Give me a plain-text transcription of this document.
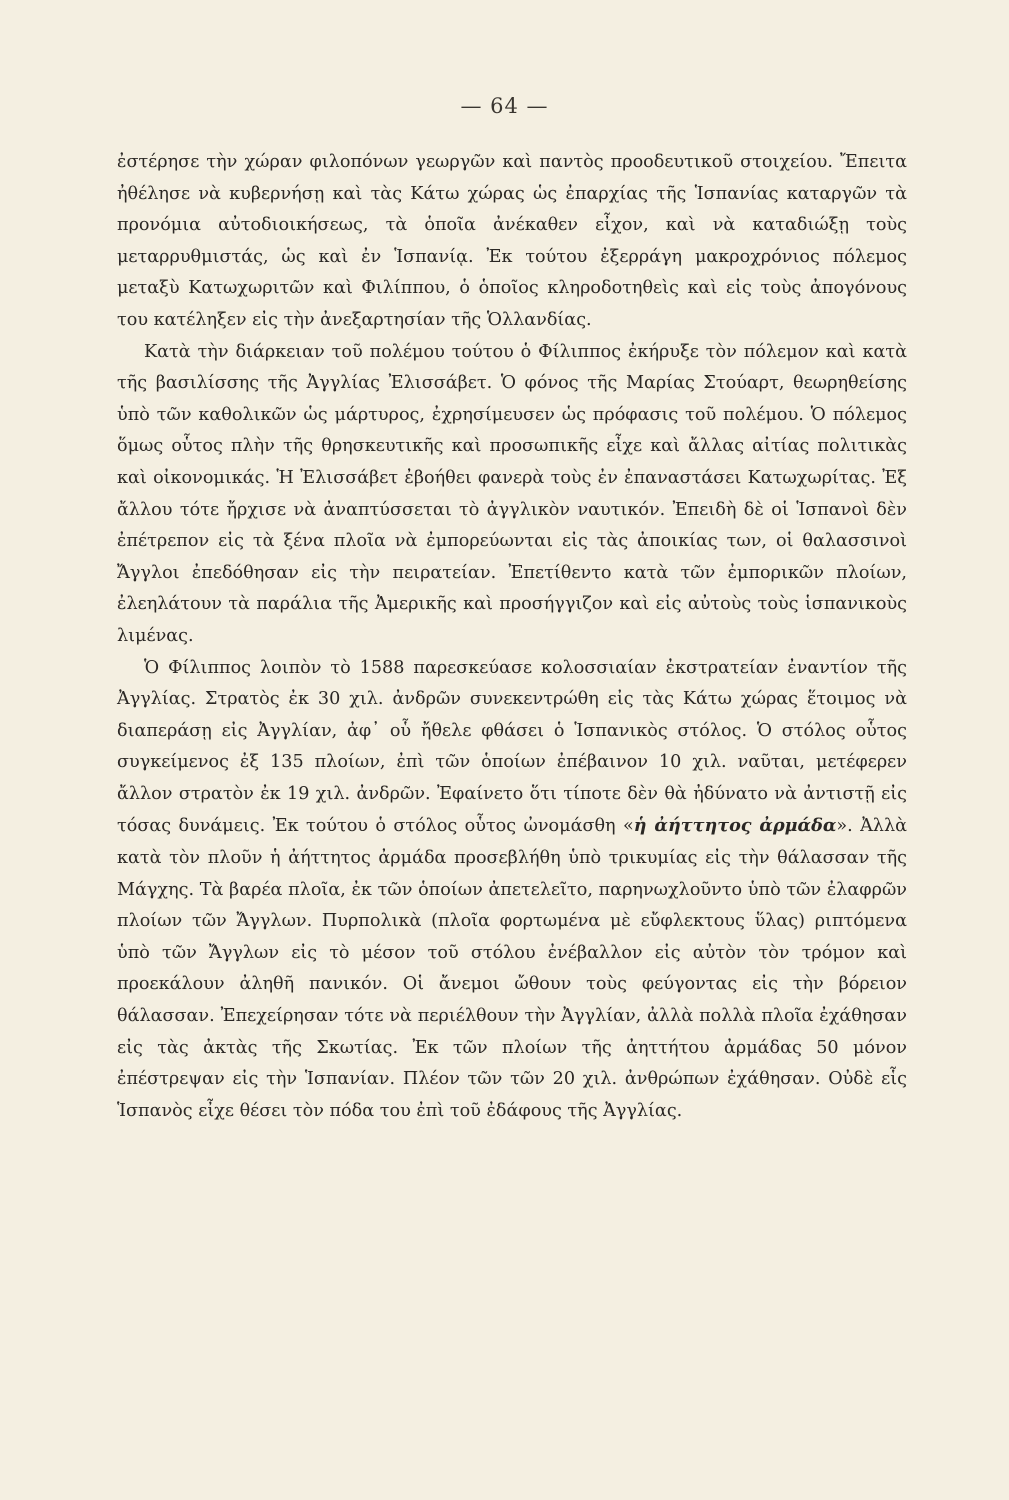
— 64 —

ἐστέρησε τὴν χώραν φιλοπόνων γεωργῶν καὶ παντὸς προοδευτικοῦ στοιχείου. Ἔπειτα ἠθέλησε νὰ κυβερνήσῃ καὶ τὰς Κάτω χώρας ὡς ἐπαρχίας τῆς Ἱσπανίας καταργῶν τὰ προνόμια αὐτοδιοικήσεως, τὰ ὁποῖα ἀνέκαθεν εἶχον, καὶ νὰ καταδιώξῃ τοὺς μεταρρυθμιστάς, ὡς καὶ ἐν Ἱσπανίᾳ. Ἐκ τούτου ἐξερράγη μακροχρόνιος πόλεμος μεταξὺ Κατωχωριτῶν καὶ Φιλίππου, ὁ ὁποῖος κληροδοτηθεὶς καὶ εἰς τοὺς ἀπογόνους του κατέληξεν εἰς τὴν ἀνεξαρτησίαν τῆς Ὁλλανδίας.

Κατὰ τὴν διάρκειαν τοῦ πολέμου τούτου ὁ Φίλιππος ἐκήρυξε τὸν πόλεμον καὶ κατὰ τῆς βασιλίσσης τῆς Ἀγγλίας Ἐλισσάβετ. Ὁ φόνος τῆς Μαρίας Στούαρτ, θεωρηθείσης ὑπὸ τῶν καθολικῶν ὡς μάρτυρος, ἐχρησίμευσεν ὡς πρόφασις τοῦ πολέμου. Ὁ πόλεμος ὅμως οὗτος πλὴν τῆς θρησκευτικῆς καὶ προσωπικῆς εἶχε καὶ ἄλλας αἰτίας πολιτικὰς καὶ οἰκονομικάς. Ἡ Ἐλισσάβετ ἐβοήθει φανερὰ τοὺς ἐν ἐπαναστάσει Κατωχωρίτας. Ἐξ ἄλλου τότε ἤρχισε νὰ ἀναπτύσσεται τὸ ἀγγλικὸν ναυτικόν. Ἐπειδὴ δὲ οἱ Ἱσπανοὶ δὲν ἐπέτρεπον εἰς τὰ ξένα πλοῖα νὰ ἐμπορεύωνται εἰς τὰς ἀποικίας των, οἱ θαλασσινοὶ Ἄγγλοι ἐπεδόθησαν εἰς τὴν πειρατείαν. Ἐπετίθεντο κατὰ τῶν ἐμπορικῶν πλοίων, ἐλεηλάτουν τὰ παράλια τῆς Ἀμερικῆς καὶ προσήγγιζον καὶ εἰς αὐτοὺς τοὺς ἱσπανικοὺς λιμένας.

Ὁ Φίλιππος λοιπὸν τὸ 1588 παρεσκεύασε κολοσσιαίαν ἐκστρατείαν ἐναντίον τῆς Ἀγγλίας. Στρατὸς ἐκ 30 χιλ. ἀνδρῶν συνεκεντρώθη εἰς τὰς Κάτω χώρας ἕτοιμος νὰ διαπεράσῃ εἰς Ἀγγλίαν, ἀφ᾽ οὗ ἤθελε φθάσει ὁ Ἱσπανικὸς στόλος. Ὁ στόλος οὗτος συγκείμενος ἐξ 135 πλοίων, ἐπὶ τῶν ὁποίων ἐπέβαινον 10 χιλ. ναῦται, μετέφερεν ἄλλον στρατὸν ἐκ 19 χιλ. ἀνδρῶν. Ἐφαίνετο ὅτι τίποτε δὲν θὰ ἠδύνατο νὰ ἀντιστῇ εἰς τόσας δυνάμεις. Ἐκ τούτου ὁ στόλος οὗτος ὠνομάσθη «ἡ ἀήττητος ἀρμάδα». Ἀλλὰ κατὰ τὸν πλοῦν ἡ ἀήττητος ἀρμάδα προσεβλήθη ὑπὸ τρικυμίας εἰς τὴν θάλασσαν τῆς Μάγχης. Τὰ βαρέα πλοῖα, ἐκ τῶν ὁποίων ἀπετελεῖτο, παρηνωχλοῦντο ὑπὸ τῶν ἐλαφρῶν πλοίων τῶν Ἄγγλων. Πυρπολικὰ (πλοῖα φορτωμένα μὲ εὔφλεκτους ὕλας) ριπτόμενα ὑπὸ τῶν Ἄγγλων εἰς τὸ μέσον τοῦ στόλου ἐνέβαλλον εἰς αὐτὸν τὸν τρόμον καὶ προεκάλουν ἀληθῆ πανικόν. Οἱ ἄνεμοι ὤθουν τοὺς φεύγοντας εἰς τὴν βόρειον θάλασσαν. Ἐπεχείρησαν τότε νὰ περιέλθουν τὴν Ἀγγλίαν, ἀλλὰ πολλὰ πλοῖα ἐχάθησαν εἰς τὰς ἀκτὰς τῆς Σκωτίας. Ἐκ τῶν πλοίων τῆς ἀηττήτου ἀρμάδας 50 μόνον ἐπέστρεψαν εἰς τὴν Ἱσπανίαν. Πλέον τῶν τῶν 20 χιλ. ἀνθρώπων ἐχάθησαν. Οὐδὲ εἷς Ἱσπανὸς εἶχε θέσει τὸν πόδα του ἐπὶ τοῦ ἐδάφους τῆς Ἀγγλίας.
